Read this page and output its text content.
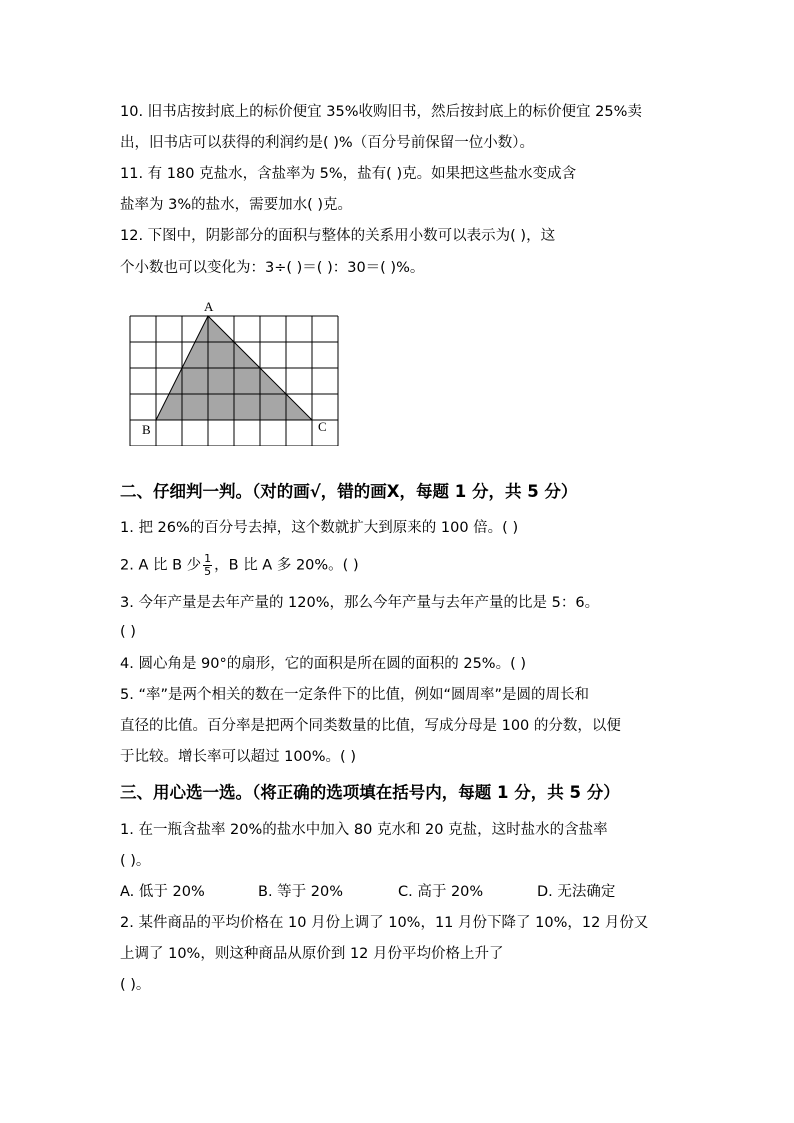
10. 旧书店按封底上的标价便宜 35%收购旧书，然后按封底上的标价便宜 25%卖
出，旧书店可以获得的利润约是( )%（百分号前保留一位小数）。
11. 有 180 克盐水，含盐率为 5%，盐有( )克。如果把这些盐水变成含
盐率为 3%的盐水，需要加水( )克。
12. 下图中，阴影部分的面积与整体的关系用小数可以表示为( )，这
个小数也可以变化为：3÷( )＝( )：30＝( )%。
A
B	C
二、仔细判一判。（对的画√，错的画X，每题 1 分，共 5 分）
1. 把 26%的百分号去掉，这个数就扩大到原来的 100 倍。( )
2. A 比 B 少 $\frac{1}{5}$ ，B 比 A 多 20%。( )
3. 今年产量是去年产量的 120%，那么今年产量与去年产量的比是 5：6。
( )
4. 圆心角是 90°的扇形，它的面积是所在圆的面积的 25%。( )
5. “率”是两个相关的数在一定条件下的比值，例如“圆周率”是圆的周长和
直径的比值。百分率是把两个同类数量的比值，写成分母是 100 的分数，以便
于比较。增长率可以超过 100%。( )
三、用心选一选。（将正确的选项填在括号内，每题 1 分，共 5 分）
1. 在一瓶含盐率 20%的盐水中加入 80 克水和 20 克盐，这时盐水的含盐率
( )。
A. 低于 20%	B. 等于 20%	C. 高于 20%	D. 无法确定
2. 某件商品的平均价格在 10 月份上调了 10%，11 月份下降了 10%，12 月份又
上调了 10%，则这种商品从原价到 12 月份平均价格上升了
( )。
